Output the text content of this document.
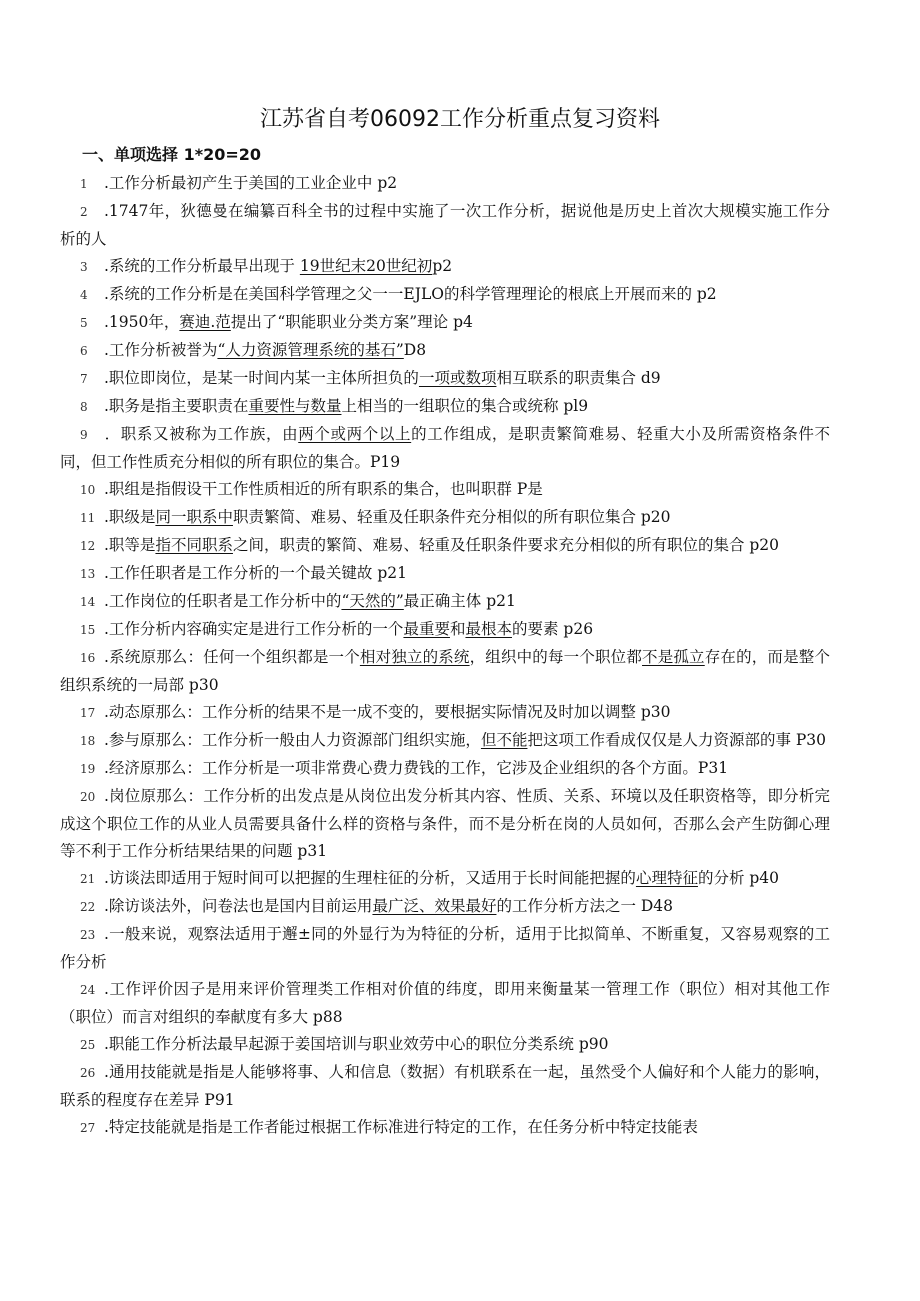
江苏省自考06092工作分析重点复习资料
一、单项选择 1*20=20

1 .工作分析最初产生于美国的工业企业中 p2

2 .1747年，狄德曼在编纂百科全书的过程中实施了一次工作分析，据说他是历史上首次大规模实施工作分析的人

3 .系统的工作分析最早出现于 19世纪末20世纪初p2

4 .系统的工作分析是在美国科学管理之父一一EJLO的科学管理理论的根底上开展而来的 p2

5 .1950年，赛迪.范提出了“职能职业分类方案”理论 p4

6 .工作分析被誉为“人力资源管理系统的基石”D8

7 .职位即岗位，是某一时间内某一主体所担负的一项或数项相互联系的职责集合 d9

8 .职务是指主要职责在重要性与数量上相当的一组职位的集合或统称 pl9

9 ．职系又被称为工作族，由两个或两个以上的工作组成，是职责繁简难易、轻重大小及所需资格条件不同，但工作性质充分相似的所有职位的集合。P19

10 .职组是指假设干工作性质相近的所有职系的集合，也叫职群 P是

11 .职级是同一职系中职责繁简、难易、轻重及任职条件充分相似的所有职位集合 p20

12 .职等是指不同职系之间，职责的繁简、难易、轻重及任职条件要求充分相似的所有职位的集合 p20

13 .工作任职者是工作分析的一个最关键故 p21

14 .工作岗位的任职者是工作分析中的“天然的”最正确主体 p21

15 .工作分析内容确实定是进行工作分析的一个最重要和最根本的要素 p26

16 .系统原那么：任何一个组织都是一个相对独立的系统，组织中的每一个职位都不是孤立存在的，而是整个组织系统的一局部 p30

17 .动态原那么：工作分析的结果不是一成不变的，要根据实际情况及时加以调整 p30

18 .参与原那么：工作分析一般由人力资源部门组织实施，但不能把这项工作看成仅仅是人力资源部的事 P30

19 .经济原那么：工作分析是一项非常费心费力费钱的工作，它涉及企业组织的各个方面。P31

20 .岗位原那么：工作分析的出发点是从岗位出发分析其内容、性质、关系、环境以及任职资格等，即分析完成这个职位工作的从业人员需要具备什么样的资格与条件，而不是分析在岗的人员如何，否那么会产生防御心理等不利于工作分析结果结果的问题 p31

21 .访谈法即适用于短时间可以把握的生理柱征的分析，又适用于长时间能把握的心理特征的分析 p40

22 .除访谈法外，问卷法也是国内目前运用最广泛、效果最好的工作分析方法之一 D48

23 .一般来说，观察法适用于邂±同的外显行为为特征的分析，适用于比拟简单、不断重复，又容易观察的工作分析

24 .工作评价因子是用来评价管理类工作相对价值的纬度，即用来衡量某一管理工作（职位）相对其他工作（职位）而言对组织的奉献度有多大 p88

25 .职能工作分析法最早起源于姜国培训与职业效劳中心的职位分类系统 p90

26 .通用技能就是指是人能够将事、人和信息（数据）有机联系在一起，虽然受个人偏好和个人能力的影响，联系的程度存在差异 P91

27 .特定技能就是指是工作者能过根据工作标准进行特定的工作，在任务分析中特定技能表
